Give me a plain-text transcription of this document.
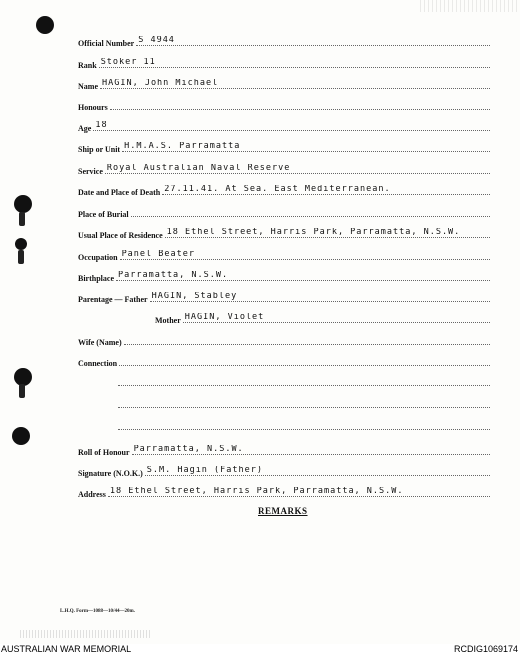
Official Number S 4944
Rank Stoker 11
Name HAGIN, John Michael
Honours
Age 18
Ship or Unit H.M.A.S. Parramatta
Service Royal Australian Naval Reserve
Date and Place of Death 27.11.41. At Sea. East Mediterranean.
Place of Burial
Usual Place of Residence 18 Ethel Street, Harris Park, Parramatta, N.S.W.
Occupation Panel Beater
Birthplace Parramatta, N.S.W.
Parentage — Father HAGIN, Stabley
Mother HAGIN, Violet
Wife (Name)
Connection
Roll of Honour Parramatta, N.S.W.
Signature (N.O.K.) S.M. Hagin (Father)
Address 18 Ethel Street, Harris Park, Parramatta, N.S.W.
REMARKS
L.H.Q. Form—1088—10/44—20m.
AUSTRALIAN WAR MEMORIAL	RCDIG1069174
